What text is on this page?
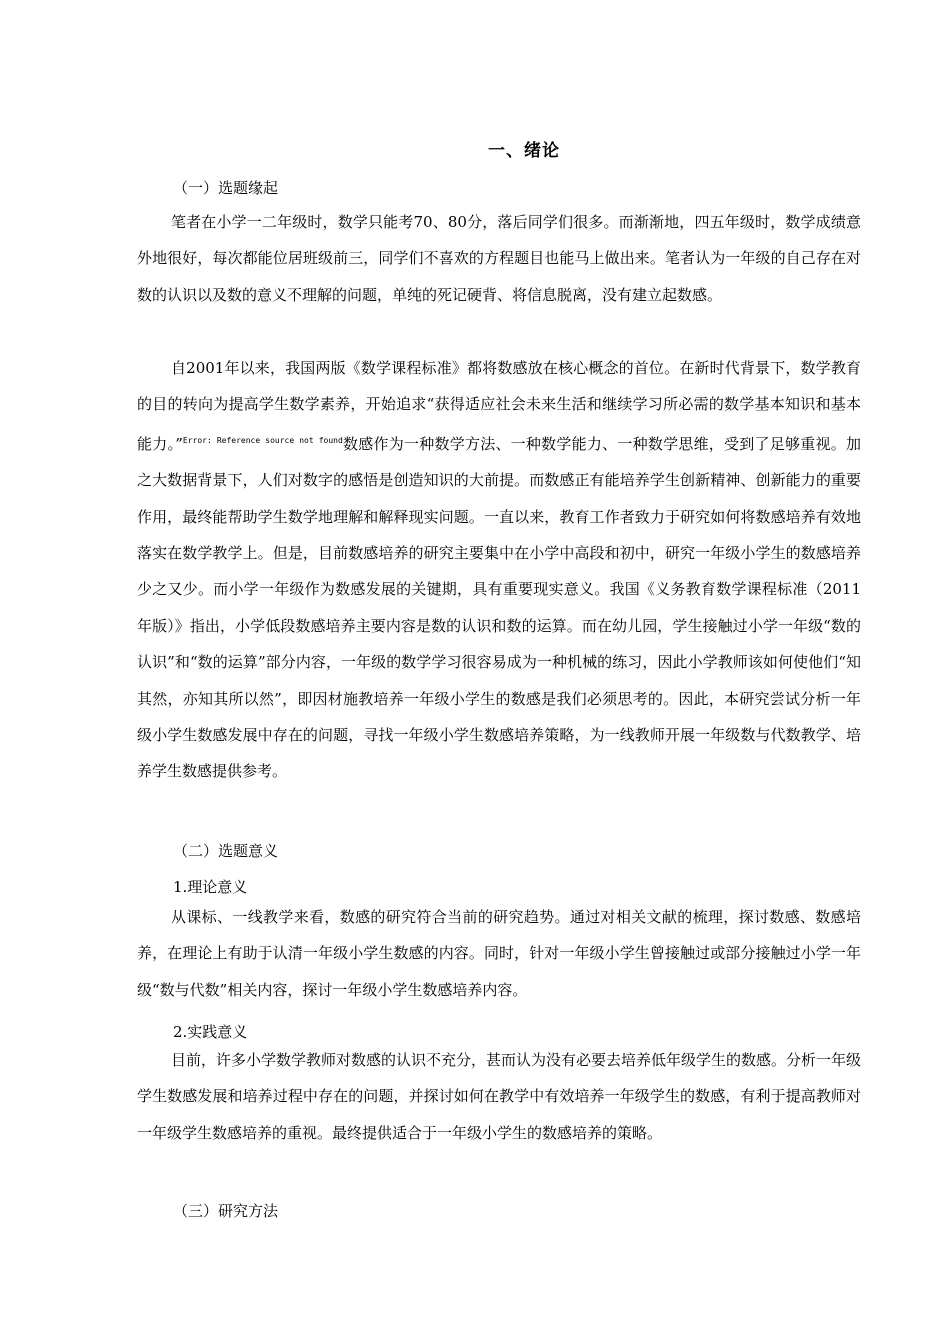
一、绪论
（一）选题缘起

笔者在小学一二年级时，数学只能考70、80分，落后同学们很多。而渐渐地，四五年级时，数学成绩意外地很好，每次都能位居班级前三，同学们不喜欢的方程题目也能马上做出来。笔者认为一年级的自己存在对数的认识以及数的意义不理解的问题，单纯的死记硬背、将信息脱离，没有建立起数感。

自2001年以来，我国两版《数学课程标准》都将数感放在核心概念的首位。在新时代背景下，数学教育的目的转向为提高学生数学素养，开始追求“获得适应社会未来生活和继续学习所必需的数学基本知识和基本能力。”$^{Error: Reference source not found}$数感作为一种数学方法、一种数学能力、一种数学思维，受到了足够重视。加之大数据背景下，人们对数字的感悟是创造知识的大前提。而数感正有能培养学生创新精神、创新能力的重要作用，最终能帮助学生数学地理解和解释现实问题。一直以来，教育工作者致力于研究如何将数感培养有效地落实在数学教学上。但是，目前数感培养的研究主要集中在小学中高段和初中，研究一年级小学生的数感培养少之又少。而小学一年级作为数感发展的关键期，具有重要现实意义。我国《义务教育数学课程标准（2011年版）》指出，小学低段数感培养主要内容是数的认识和数的运算。而在幼儿园，学生接触过小学一年级“数的认识”和“数的运算”部分内容，一年级的数学学习很容易成为一种机械的练习，因此小学教师该如何使他们“知其然，亦知其所以然”，即因材施教培养一年级小学生的数感是我们必须思考的。因此，本研究尝试分析一年级小学生数感发展中存在的问题，寻找一年级小学生数感培养策略，为一线教师开展一年级数与代数教学、培养学生数感提供参考。

（二）选题意义
1.理论意义

从课标、一线教学来看，数感的研究符合当前的研究趋势。通过对相关文献的梳理，探讨数感、数感培养，在理论上有助于认清一年级小学生数感的内容。同时，针对一年级小学生曾接触过或部分接触过小学一年级“数与代数”相关内容，探讨一年级小学生数感培养内容。

2.实践意义

目前，许多小学数学教师对数感的认识不充分，甚而认为没有必要去培养低年级学生的数感。分析一年级学生数感发展和培养过程中存在的问题，并探讨如何在教学中有效培养一年级学生的数感，有利于提高教师对一年级学生数感培养的重视。最终提供适合于一年级小学生的数感培养的策略。

（三）研究方法
